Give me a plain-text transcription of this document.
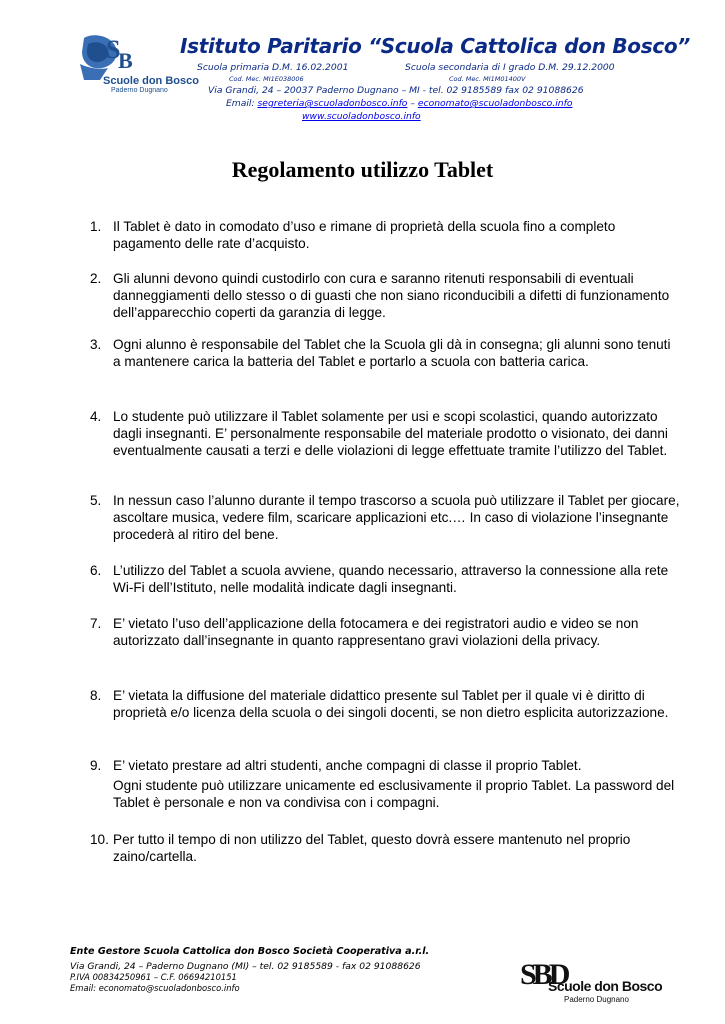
S
B
Scuole don Bosco
Paderno Dugnano
Istituto Paritario “Scuola Cattolica don Bosco”
Scuola primaria D.M. 16.02.2001	Scuola secondaria di I grado D.M. 29.12.2000
Cod. Mec. MI1E038006	Cod. Mec. MI1M01400V
Via Grandi, 24 – 20037 Paderno Dugnano – MI - tel. 02 9185589 fax 02 91088626
Email: segreteria@scuoladonbosco.info – economato@scuoladonbosco.info
www.scuoladonbosco.info
Regolamento utilizzo Tablet
1. Il Tablet è dato in comodato d’uso e rimane di proprietà della scuola fino a completo pagamento delle rate d’acquisto.
2. Gli alunni devono quindi custodirlo con cura e saranno ritenuti responsabili di eventuali danneggiamenti dello stesso o di guasti che non siano riconducibili a difetti di funzionamento dell’apparecchio coperti da garanzia di legge.
3. Ogni alunno è responsabile del Tablet che la Scuola gli dà in consegna; gli alunni sono tenuti a mantenere carica la batteria del Tablet e portarlo a scuola con batteria carica.
4. Lo studente può utilizzare il Tablet solamente per usi e scopi scolastici, quando autorizzato dagli insegnanti. E’ personalmente responsabile del materiale prodotto o visionato, dei danni eventualmente causati a terzi e delle violazioni di legge effettuate tramite l’utilizzo del Tablet.
5. In nessun caso l’alunno durante il tempo trascorso a scuola può utilizzare il Tablet per giocare, ascoltare musica, vedere film, scaricare applicazioni etc.… In caso di violazione l’insegnante procederà al ritiro del bene.
6. L’utilizzo del Tablet a scuola avviene, quando necessario, attraverso la connessione alla rete Wi-Fi dell’Istituto, nelle modalità indicate dagli insegnanti.
7. E’ vietato l’uso dell’applicazione della fotocamera e dei registratori audio e video se non autorizzato dall’insegnante in quanto rappresentano gravi violazioni della privacy.
8. E’ vietata la diffusione del materiale didattico presente sul Tablet per il quale vi è diritto di proprietà e/o licenza della scuola o dei singoli docenti, se non dietro esplicita autorizzazione.
9. E’ vietato prestare ad altri studenti, anche compagni di classe il proprio Tablet.
Ogni studente può utilizzare unicamente ed esclusivamente il proprio Tablet. La password del Tablet è personale e non va condivisa con i compagni.
10. Per tutto il tempo di non utilizzo del Tablet, questo dovrà essere mantenuto nel proprio zaino/cartella.
Ente Gestore Scuola Cattolica don Bosco Società Cooperativa a.r.l.
Via Grandi, 24 – Paderno Dugnano (MI) – tel. 02 9185589 - fax 02 91088626
P.IVA 00834250961 – C.F. 06694210151
Email: economato@scuoladonbosco.info	SBD
Scuole don Bosco
Paderno Dugnano
